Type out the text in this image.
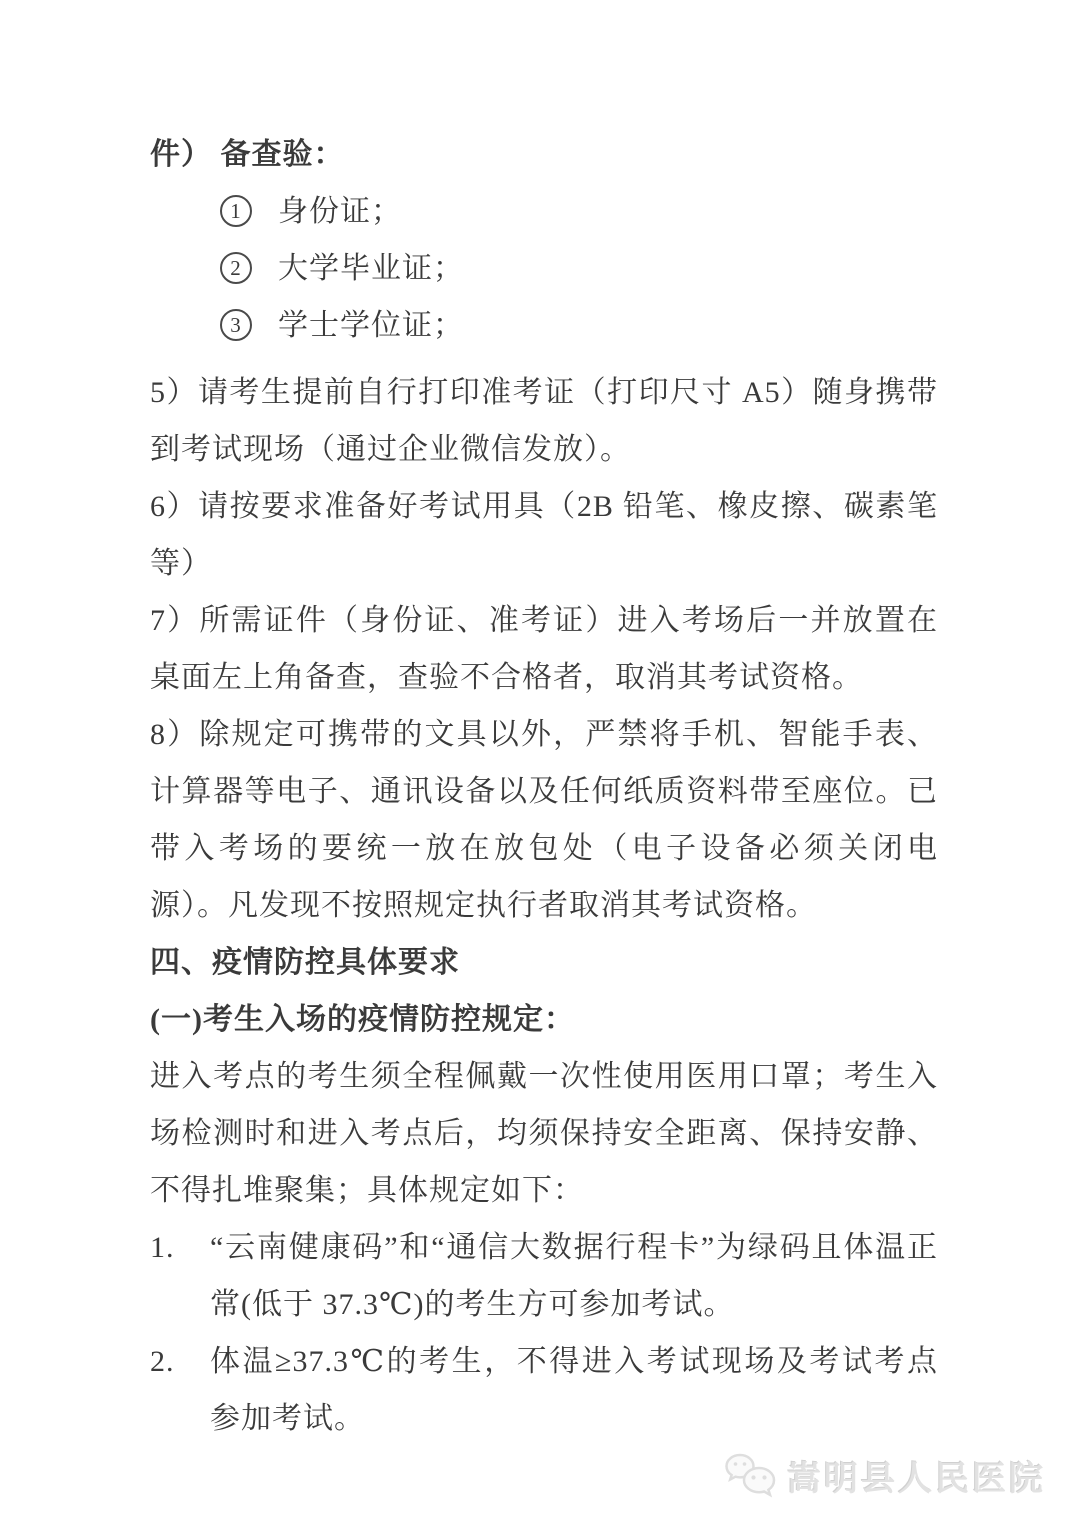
件） 备查验：

1	身份证；
2	大学毕业证；
3	学士学位证；

5）请考生提前自行打印准考证（打印尺寸 A5）随身携带到考试现场（通过企业微信发放）。

6）请按要求准备好考试用具（2B 铅笔、橡皮擦、碳素笔等）

7）所需证件（身份证、准考证）进入考场后一并放置在桌面左上角备查，查验不合格者，取消其考试资格。

8）除规定可携带的文具以外，严禁将手机、智能手表、计算器等电子、通讯设备以及任何纸质资料带至座位。已带入考场的要统一放在放包处（电子设备必须关闭电源）。凡发现不按照规定执行者取消其考试资格。

四、疫情防控具体要求

(一)考生入场的疫情防控规定：

进入考点的考生须全程佩戴一次性使用医用口罩；考生入场检测时和进入考点后，均须保持安全距离、保持安静、不得扎堆聚集；具体规定如下：

1.	“云南健康码”和“通信大数据行程卡”为绿码且体温正常(低于 37.3℃)的考生方可参加考试。
2.	体温≥37.3℃的考生，不得进入考试现场及考试考点参加考试。
嵩明县人民医院
